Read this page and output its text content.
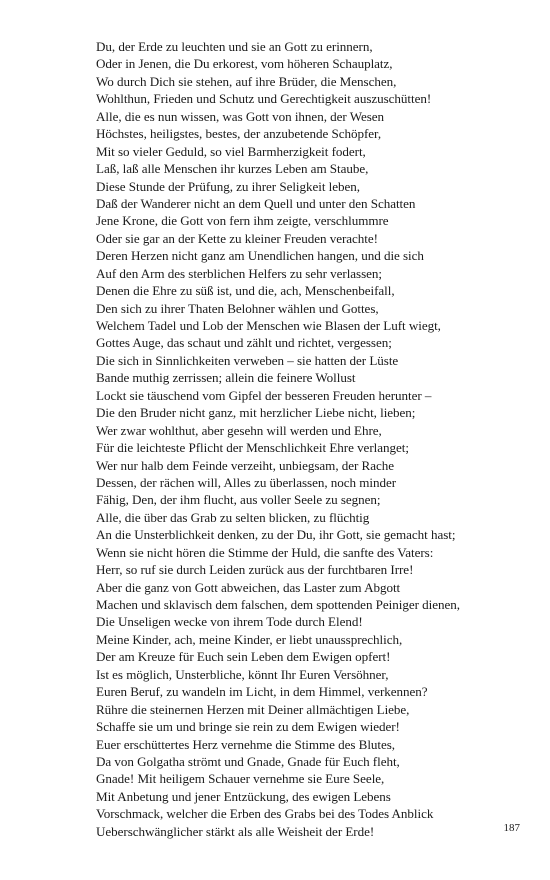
Du, der Erde zu leuchten und sie an Gott zu erinnern,
Oder in Jenen, die Du erkorest, vom höheren Schauplatz,
Wo durch Dich sie stehen, auf ihre Brüder, die Menschen,
Wohlthun, Frieden und Schutz und Gerechtigkeit auszuschütten!
Alle, die es nun wissen, was Gott von ihnen, der Wesen
Höchstes, heiligstes, bestes, der anzubetende Schöpfer,
Mit so vieler Geduld, so viel Barmherzigkeit fodert,
Laß, laß alle Menschen ihr kurzes Leben am Staube,
Diese Stunde der Prüfung, zu ihrer Seligkeit leben,
Daß der Wanderer nicht an dem Quell und unter den Schatten
Jene Krone, die Gott von fern ihm zeigte, verschlummre
Oder sie gar an der Kette zu kleiner Freuden verachte!
Deren Herzen nicht ganz am Unendlichen hangen, und die sich
Auf den Arm des sterblichen Helfers zu sehr verlassen;
Denen die Ehre zu süß ist, und die, ach, Menschenbeifall,
Den sich zu ihrer Thaten Belohner wählen und Gottes,
Welchem Tadel und Lob der Menschen wie Blasen der Luft wiegt,
Gottes Auge, das schaut und zählt und richtet, vergessen;
Die sich in Sinnlichkeiten verweben – sie hatten der Lüste
Bande muthig zerrissen; allein die feinere Wollust
Lockt sie täuschend vom Gipfel der besseren Freuden herunter –
Die den Bruder nicht ganz, mit herzlicher Liebe nicht, lieben;
Wer zwar wohlthut, aber gesehn will werden und Ehre,
Für die leichteste Pflicht der Menschlichkeit Ehre verlanget;
Wer nur halb dem Feinde verzeiht, unbiegsam, der Rache
Dessen, der rächen will, Alles zu überlassen, noch minder
Fähig, Den, der ihm flucht, aus voller Seele zu segnen;
Alle, die über das Grab zu selten blicken, zu flüchtig
An die Unsterblichkeit denken, zu der Du, ihr Gott, sie gemacht hast;
Wenn sie nicht hören die Stimme der Huld, die sanfte des Vaters:
Herr, so ruf sie durch Leiden zurück aus der furchtbaren Irre!
Aber die ganz von Gott abweichen, das Laster zum Abgott
Machen und sklavisch dem falschen, dem spottenden Peiniger dienen,
Die Unseligen wecke von ihrem Tode durch Elend!
Meine Kinder, ach, meine Kinder, er liebt unaussprechlich,
Der am Kreuze für Euch sein Leben dem Ewigen opfert!
Ist es möglich, Unsterbliche, könnt Ihr Euren Versöhner,
Euren Beruf, zu wandeln im Licht, in dem Himmel, verkennen?
Rühre die steinernen Herzen mit Deiner allmächtigen Liebe,
Schaffe sie um und bringe sie rein zu dem Ewigen wieder!
Euer erschüttertes Herz vernehme die Stimme des Blutes,
Da von Golgatha strömt und Gnade, Gnade für Euch fleht,
Gnade! Mit heiligem Schauer vernehme sie Eure Seele,
Mit Anbetung und jener Entzückung, des ewigen Lebens
Vorschmack, welcher die Erben des Grabs bei des Todes Anblick
Ueberschwänglicher stärkt als alle Weisheit der Erde!	187
